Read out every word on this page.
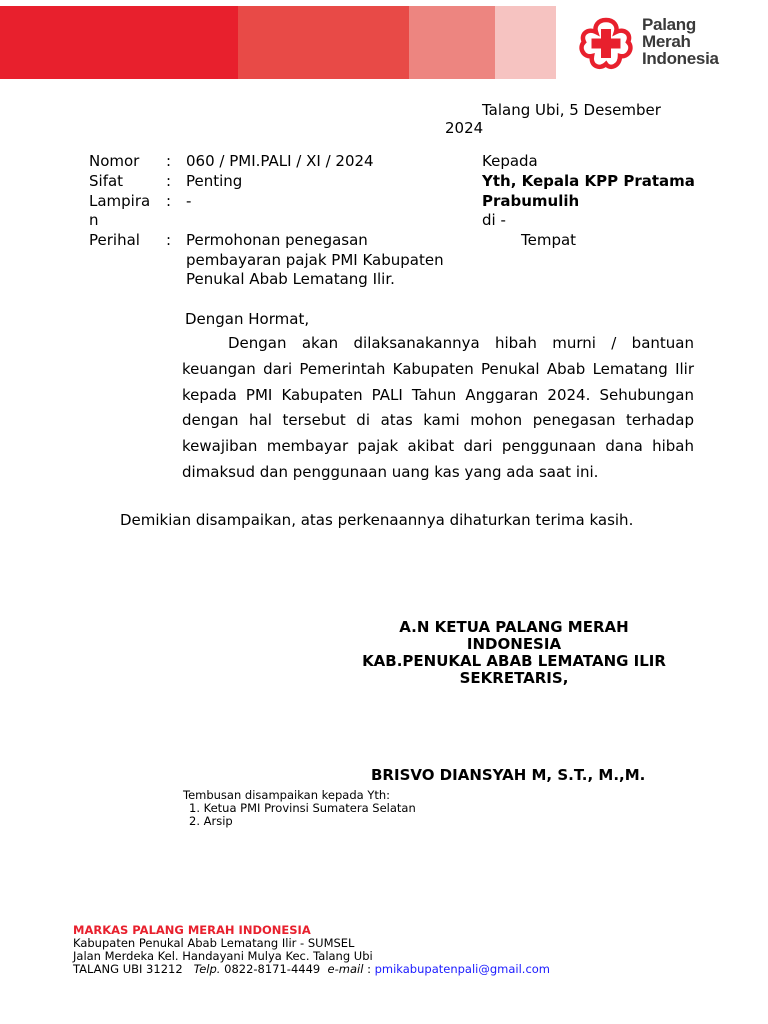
Palang
Merah
Indonesia
Talang Ubi, 5 Desember
2024
Nomor
Sifat
Lampira
n
Perihal
:
:
:
:
060 / PMI.PALI / XI / 2024
Penting
-
Permohonan penegasan
pembayaran pajak PMI Kabupaten
Penukal Abab Lematang Ilir.
Kepada
Yth, Kepala KPP Pratama
Prabumulih
di -
Tempat
Dengan Hormat,
Dengan akan dilaksanakannya hibah murni / bantuan keuangan dari Pemerintah Kabupaten Penukal Abab Lematang Ilir kepada PMI Kabupaten PALI Tahun Anggaran 2024. Sehubungan dengan hal tersebut di atas kami mohon penegasan terhadap kewajiban membayar pajak akibat dari penggunaan dana hibah dimaksud dan penggunaan uang kas yang ada saat ini.
Demikian disampaikan, atas perkenaannya dihaturkan terima kasih.
A.N KETUA PALANG MERAH
INDONESIA
KAB.PENUKAL ABAB LEMATANG ILIR
SEKRETARIS,
BRISVO DIANSYAH M, S.T., M.,M.
Tembusan disampaikan kepada Yth:
1. Ketua PMI Provinsi Sumatera Selatan
2. Arsip
MARKAS PALANG MERAH INDONESIA
Kabupaten Penukal Abab Lematang Ilir - SUMSEL
Jalan Merdeka Kel. Handayani Mulya Kec. Talang Ubi
TALANG UBI 31212 Telp. 0822-8171-4449 e-mail : pmikabupatenpali@gmail.com
